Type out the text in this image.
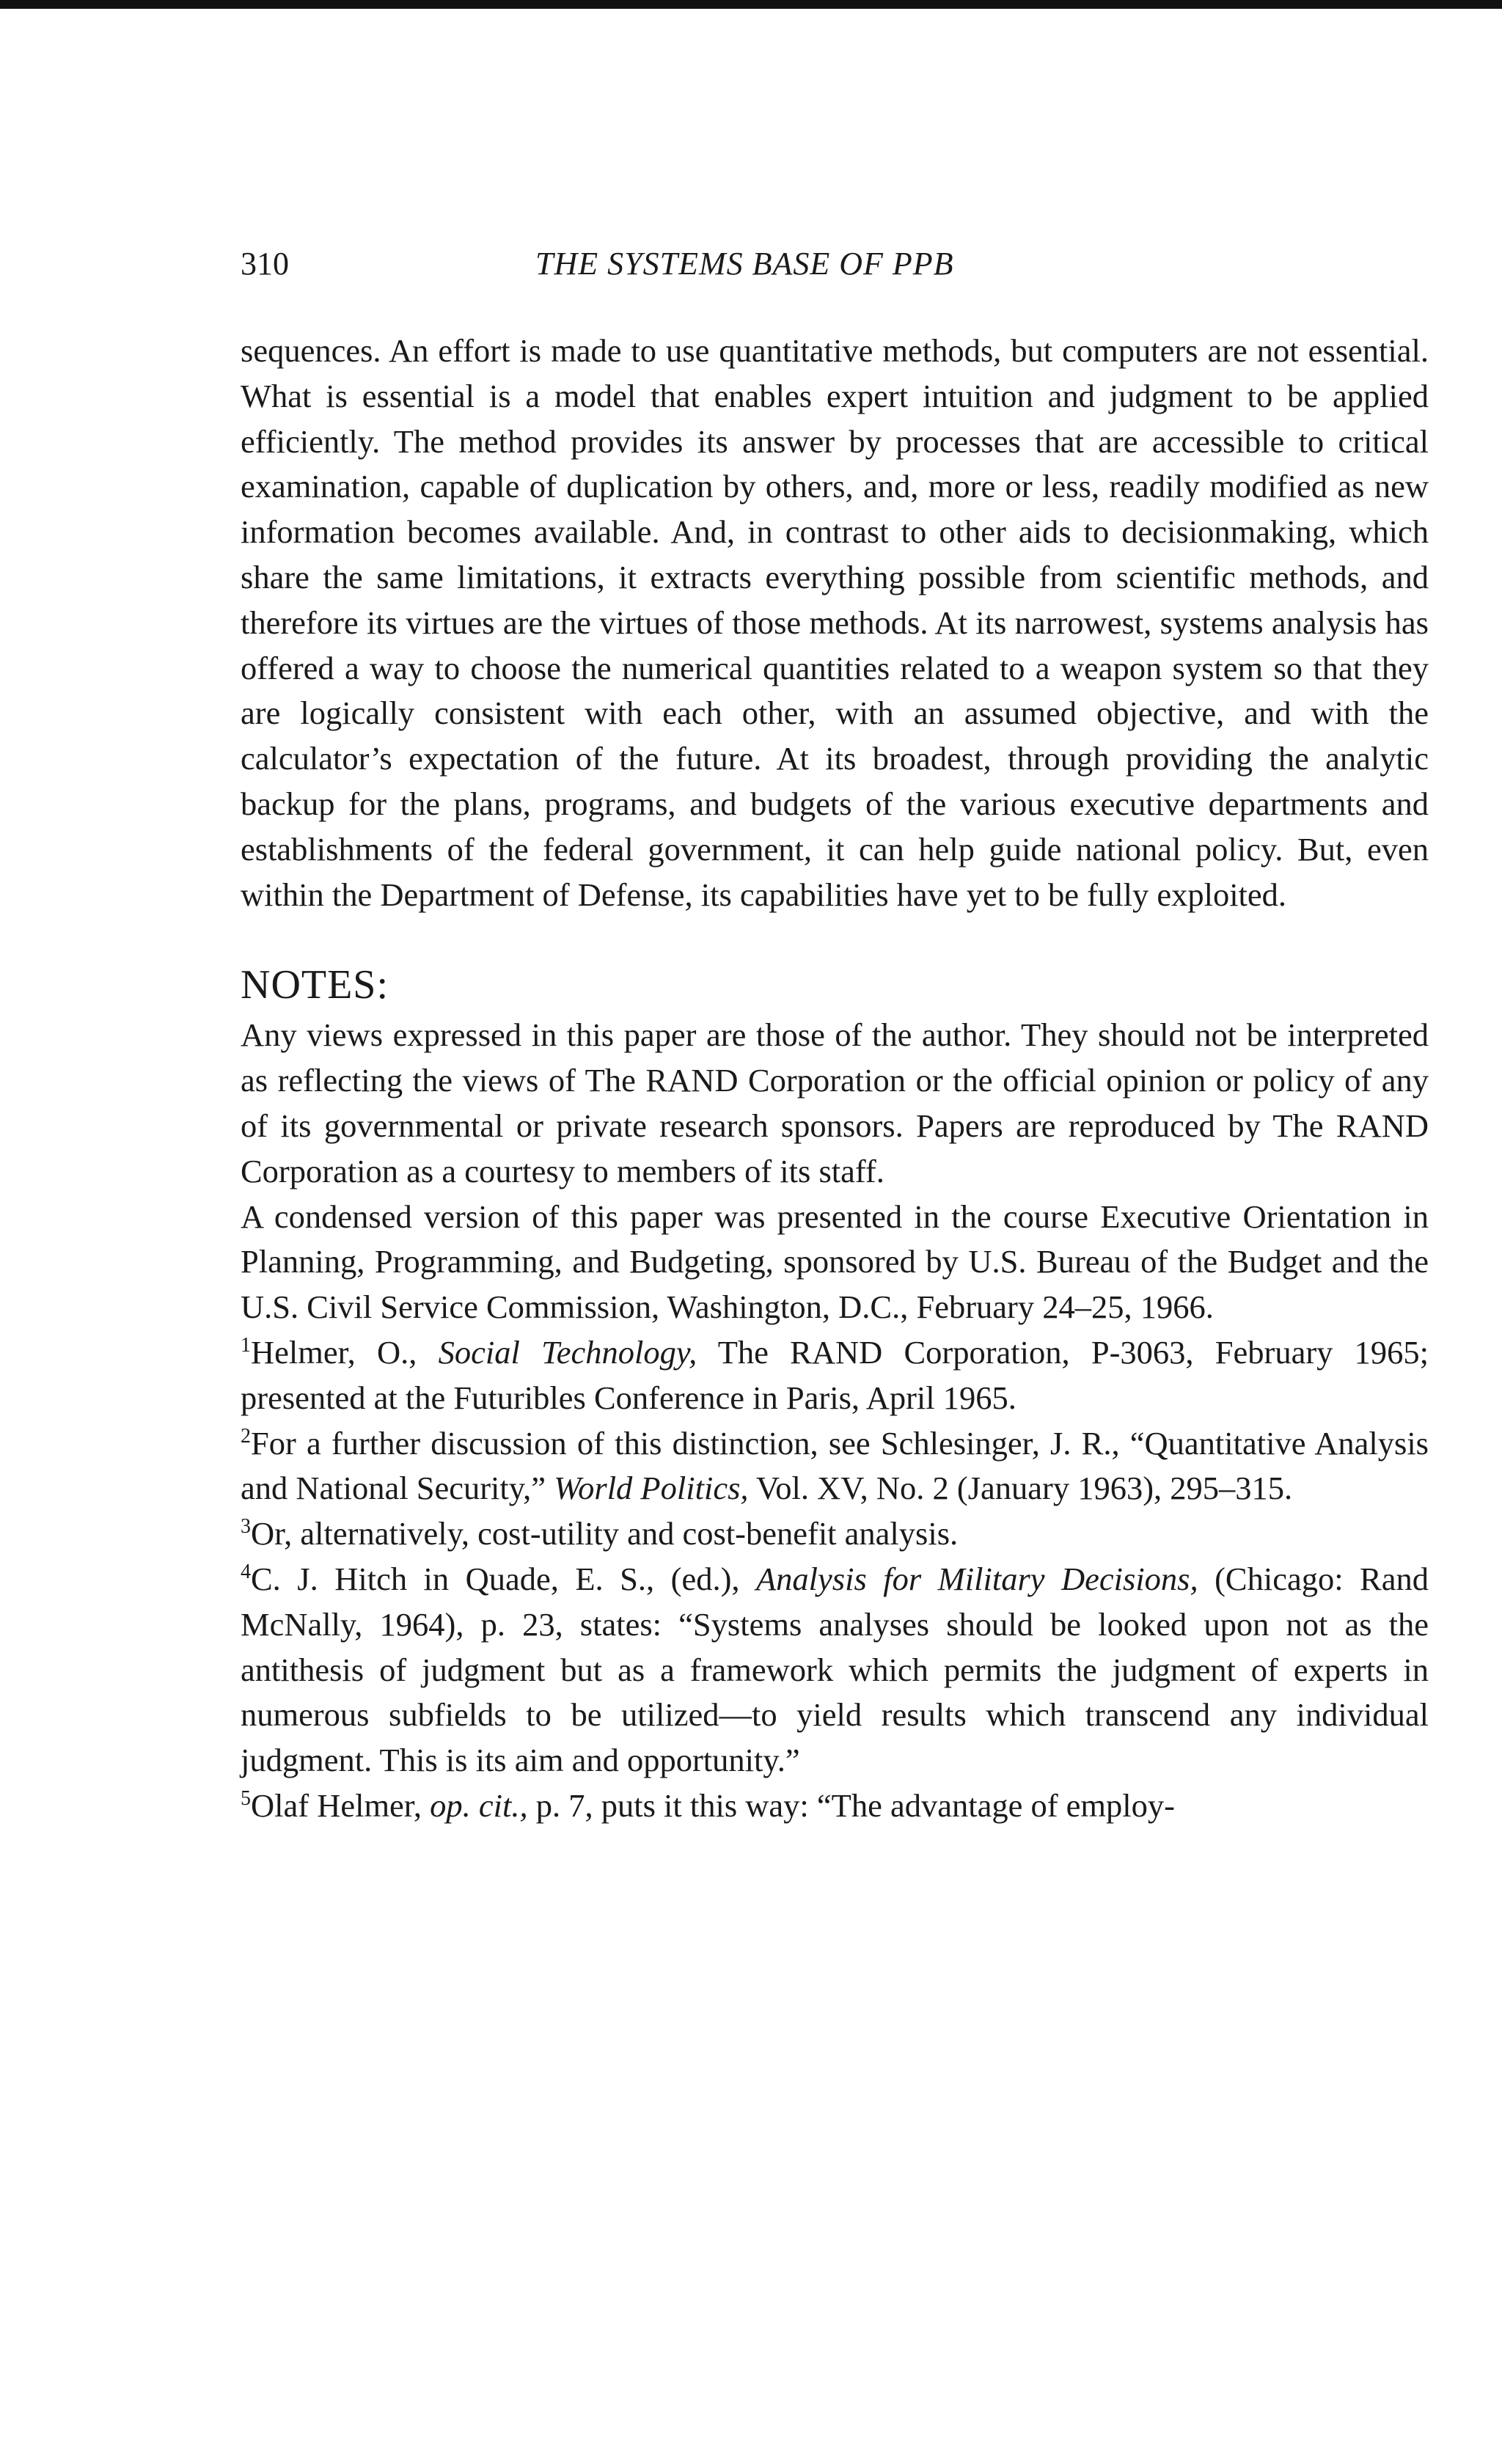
310	THE SYSTEMS BASE OF PPB

sequences. An effort is made to use quantitative methods, but computers are not essential. What is essential is a model that enables expert intuition and judgment to be applied efficiently. The method provides its answer by processes that are accessible to critical examination, capable of duplication by others, and, more or less, readily modified as new information becomes available. And, in contrast to other aids to decisionmaking, which share the same limitations, it extracts everything possible from scientific methods, and therefore its virtues are the virtues of those methods. At its narrowest, systems analysis has offered a way to choose the numerical quantities related to a weapon system so that they are logically consistent with each other, with an assumed objective, and with the calculator’s expectation of the future. At its broadest, through providing the analytic backup for the plans, programs, and budgets of the various executive departments and establishments of the federal government, it can help guide national policy. But, even within the Department of Defense, its capabilities have yet to be fully exploited.

NOTES:

Any views expressed in this paper are those of the author. They should not be interpreted as reflecting the views of The RAND Corporation or the official opinion or policy of any of its governmental or private research sponsors. Papers are reproduced by The RAND Corporation as a courtesy to members of its staff.

A condensed version of this paper was presented in the course Executive Orientation in Planning, Programming, and Budgeting, sponsored by U.S. Bureau of the Budget and the U.S. Civil Service Commission, Washington, D.C., February 24–25, 1966.

$^1$Helmer, O., Social Technology, The RAND Corporation, P-3063, February 1965; presented at the Futuribles Conference in Paris, April 1965.

$^2$For a further discussion of this distinction, see Schlesinger, J. R., “Quantitative Analysis and National Security,” World Politics, Vol. XV, No. 2 (January 1963), 295–315.

$^3$Or, alternatively, cost-utility and cost-benefit analysis.

$^4$C. J. Hitch in Quade, E. S., (ed.), Analysis for Military Decisions, (Chicago: Rand McNally, 1964), p. 23, states: “Systems analyses should be looked upon not as the antithesis of judgment but as a framework which permits the judgment of experts in numerous subfields to be utilized—to yield results which transcend any individual judgment. This is its aim and opportunity.”

$^5$Olaf Helmer, op. cit., p. 7, puts it this way: “The advantage of employ-
